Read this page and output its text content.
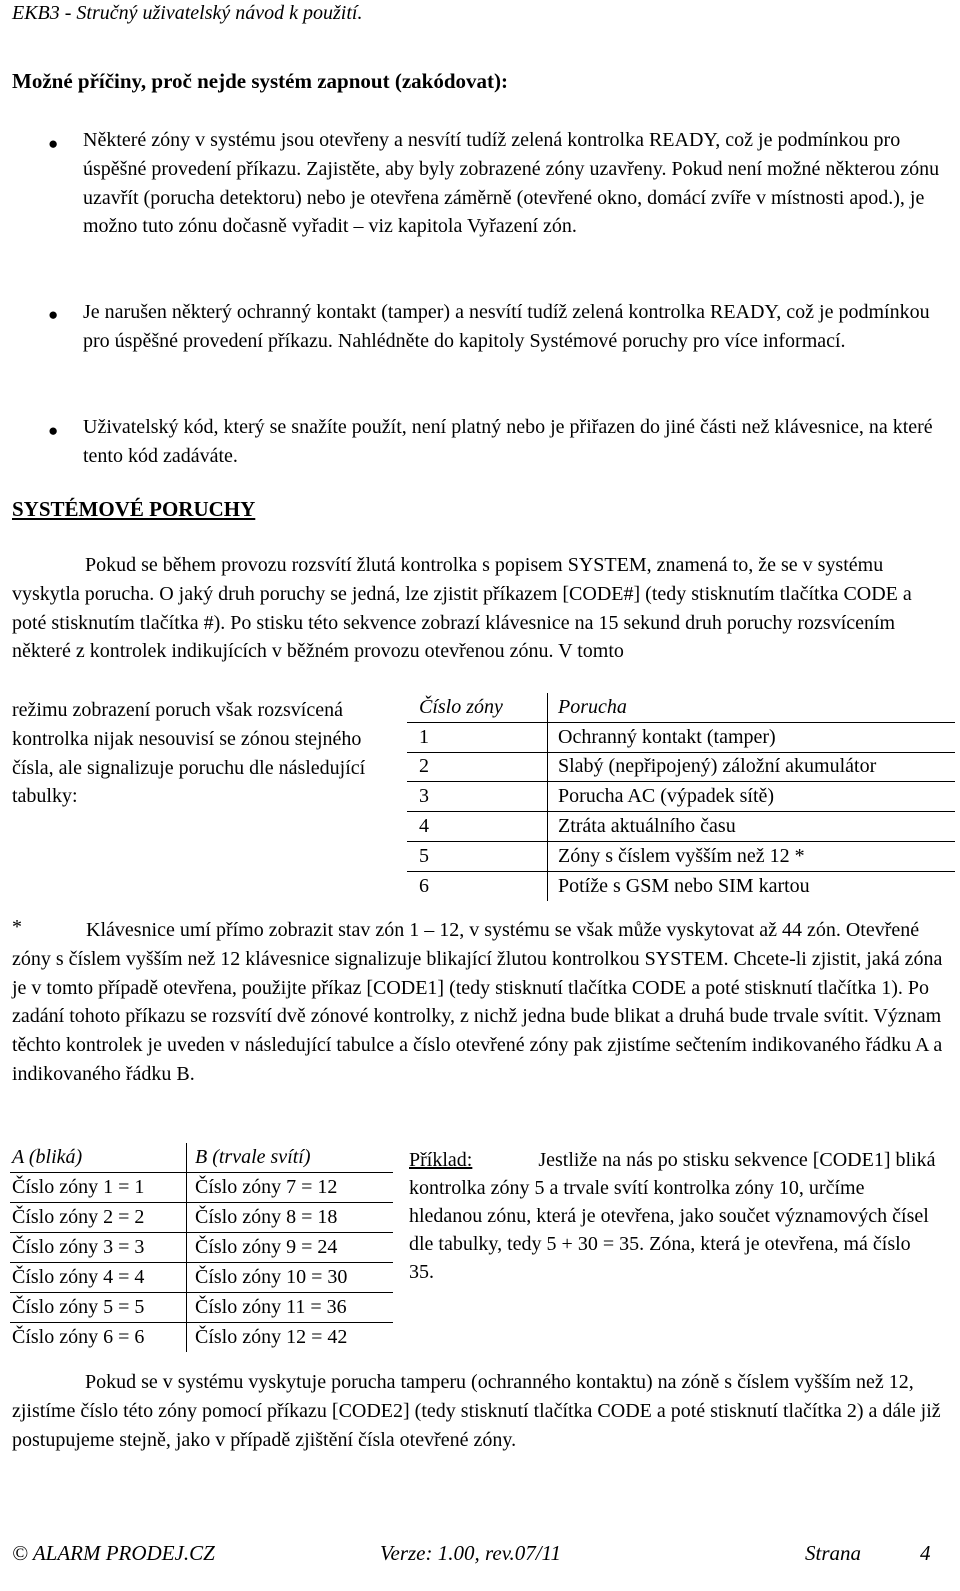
EKB3 - Stručný uživatelský návod k použití.
Možné příčiny, proč nejde systém zapnout (zakódovat):
● Některé zóny v systému jsou otevřeny a nesvítí tudíž zelená kontrolka READY, což je podmínkou pro úspěšné provedení příkazu. Zajistěte, aby byly zobrazené zóny uzavřeny. Pokud není možné některou zónu uzavřít (porucha detektoru) nebo je otevřena záměrně (otevřené okno, domácí zvíře v místnosti apod.), je možno tuto zónu dočasně vyřadit – viz kapitola Vyřazení zón.
● Je narušen některý ochranný kontakt (tamper) a nesvítí tudíž zelená kontrolka READY, což je podmínkou pro úspěšné provedení příkazu. Nahlédněte do kapitoly Systémové poruchy pro více informací.
● Uživatelský kód, který se snažíte použít, není platný nebo je přiřazen do jiné části než klávesnice, na které tento kód zadáváte.
SYSTÉMOVÉ PORUCHY
Pokud se během provozu rozsvítí žlutá kontrolka s popisem SYSTEM, znamená to, že se v systému vyskytla porucha. O jaký druh poruchy se jedná, lze zjistit příkazem [CODE#] (tedy stisknutím tlačítka CODE a poté stisknutím tlačítka #). Po stisku této sekvence zobrazí klávesnice na 15 sekund druh poruchy rozsvícením některé z kontrolek indikujících v běžném provozu otevřenou zónu. V tomto
režimu zobrazení poruch však rozsvícená kontrolka nijak nesouvisí se zónou stejného čísla, ale signalizuje poruchu dle následující tabulky:
Číslo zóny	Porucha
1	Ochranný kontakt (tamper)
2	Slabý (nepřipojený) záložní akumulátor
3	Porucha AC (výpadek sítě)
4	Ztráta aktuálního času
5	Zóny s číslem vyšším než 12 *
6	Potíže s GSM nebo SIM kartou
*	Klávesnice umí přímo zobrazit stav zón 1 – 12, v systému se však může vyskytovat až 44 zón. Otevřené zóny s číslem vyšším než 12 klávesnice signalizuje blikající žlutou kontrolkou SYSTEM. Chcete-li zjistit, jaká zóna je v tomto případě otevřena, použijte příkaz [CODE1] (tedy stisknutí tlačítka CODE a poté stisknutí tlačítka 1). Po zadání tohoto příkazu se rozsvítí dvě zónové kontrolky, z nichž jedna bude blikat a druhá bude trvale svítit. Význam těchto kontrolek je uveden v následující tabulce a číslo otevřené zóny pak zjistíme sečtením indikovaného řádku A a indikovaného řádku B.
A (bliká)	B (trvale svítí)
Číslo zóny 1 = 1	Číslo zóny 7 = 12
Číslo zóny 2 = 2	Číslo zóny 8 = 18
Číslo zóny 3 = 3	Číslo zóny 9 = 24
Číslo zóny 4 = 4	Číslo zóny 10 = 30
Číslo zóny 5 = 5	Číslo zóny 11 = 36
Číslo zóny 6 = 6	Číslo zóny 12 = 42
Příklad:	Jestliže na nás po stisku sekvence [CODE1] bliká kontrolka zóny 5 a trvale svítí kontrolka zóny 10, určíme hledanou zónu, která je otevřena, jako součet významových čísel dle tabulky, tedy 5 + 30 = 35. Zóna, která je otevřena, má číslo 35.
Pokud se v systému vyskytuje porucha tamperu (ochranného kontaktu) na zóně s číslem vyšším než 12, zjistíme číslo této zóny pomocí příkazu [CODE2] (tedy stisknutí tlačítka CODE a poté stisknutí tlačítka 2) a dále již postupujeme stejně, jako v případě zjištění čísla otevřené zóny.
© ALARM PRODEJ.CZ	Verze: 1.00, rev.07/11	Strana	4
